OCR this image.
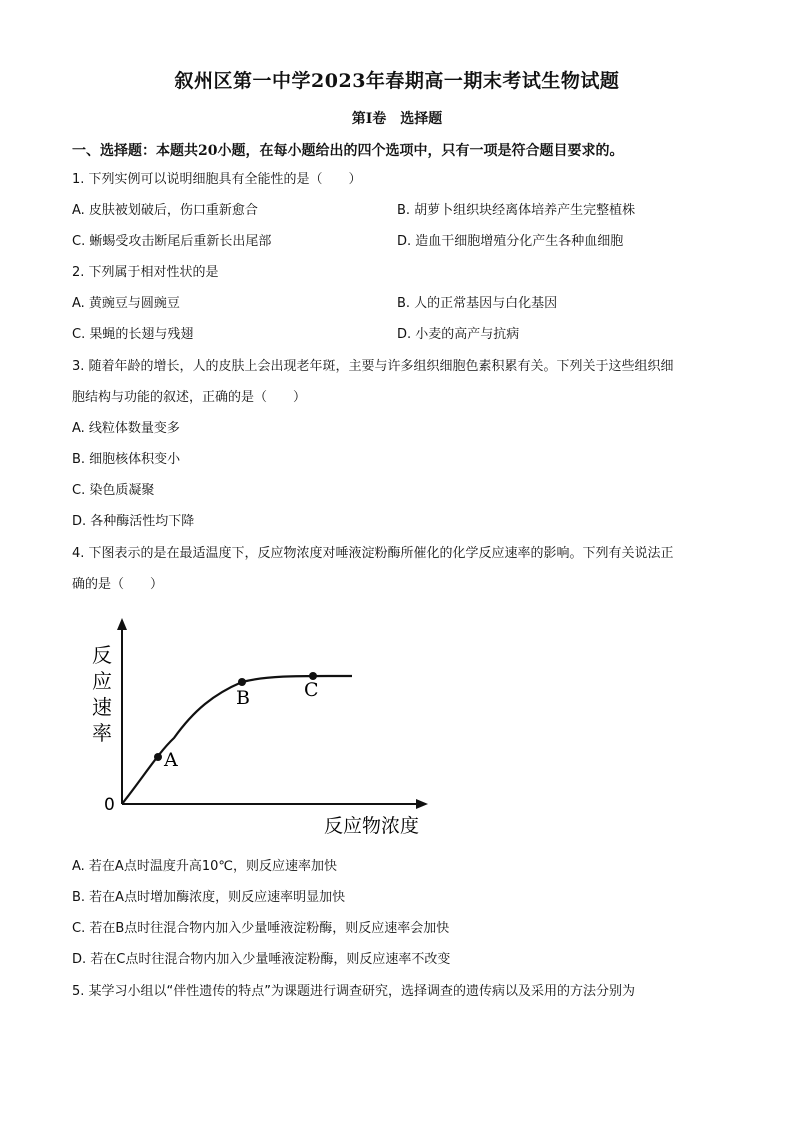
叙州区第一中学2023年春期高一期末考试生物试题
第I卷　选择题
一、选择题：本题共20小题，在每小题给出的四个选项中，只有一项是符合题目要求的。
1. 下列实例可以说明细胞具有全能性的是（　　）
A. 皮肤被划破后，伤口重新愈合	B. 胡萝卜组织块经离体培养产生完整植株
C. 蜥蜴受攻击断尾后重新长出尾部	D. 造血干细胞增殖分化产生各种血细胞
2. 下列属于相对性状的是
A. 黄豌豆与圆豌豆	B. 人的正常基因与白化基因
C. 果蝇的长翅与残翅	D. 小麦的高产与抗病
3. 随着年龄的增长，人的皮肤上会出现老年斑，主要与许多组织细胞色素积累有关。下列关于这些组织细
胞结构与功能的叙述，正确的是（　　）
A. 线粒体数量变多
B. 细胞核体积变小
C. 染色质凝聚
D. 各种酶活性均下降
4. 下图表示的是在最适温度下，反应物浓度对唾液淀粉酶所催化的化学反应速率的影响。下列有关说法正
确的是（　　）
A
B	C
0
反
应
速
率
反应物浓度
A. 若在A点时温度升高10℃，则反应速率加快
B. 若在A点时增加酶浓度，则反应速率明显加快
C. 若在B点时往混合物内加入少量唾液淀粉酶，则反应速率会加快
D. 若在C点时往混合物内加入少量唾液淀粉酶，则反应速率不改变
5. 某学习小组以“伴性遗传的特点”为课题进行调查研究，选择调查的遗传病以及采用的方法分别为
